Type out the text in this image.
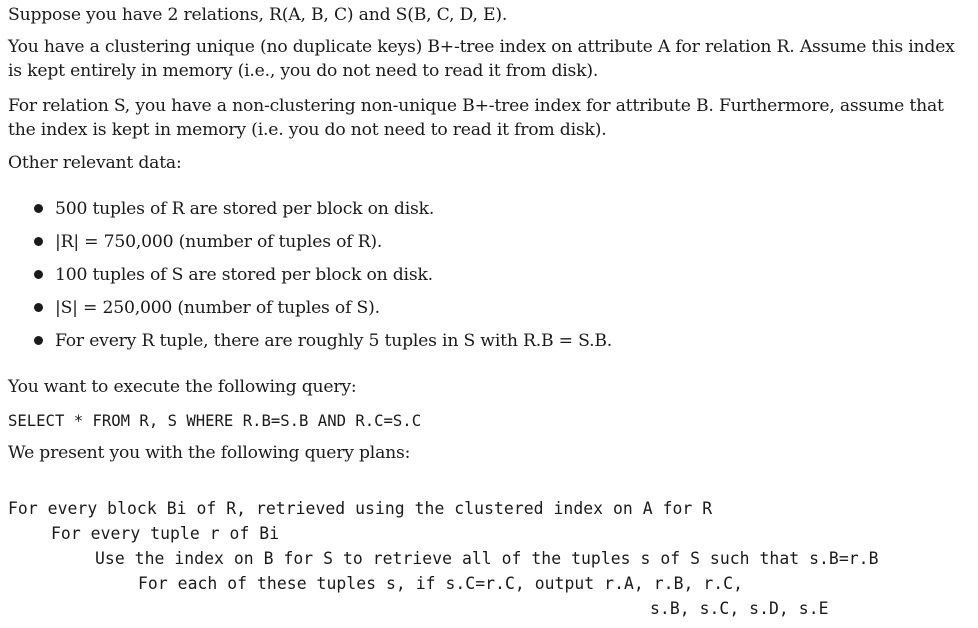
Suppose you have 2 relations, R(A, B, C) and S(B, C, D, E).

You have a clustering unique (no duplicate keys) B+-tree index on attribute A for relation R. Assume this index is kept entirely in memory (i.e., you do not need to read it from disk).

For relation S, you have a non-clustering non-unique B+-tree index for attribute B. Furthermore, assume that the index is kept in memory (i.e. you do not need to read it from disk).

Other relevant data:

500 tuples of R are stored per block on disk.
|R| = 750,000 (number of tuples of R).
100 tuples of S are stored per block on disk.
|S| = 250,000 (number of tuples of S).
For every R tuple, there are roughly 5 tuples in S with R.B = S.B.

You want to execute the following query:

SELECT * FROM R, S WHERE R.B=S.B AND R.C=S.C

We present you with the following query plans:

For every block Bi of R, retrieved using the clustered index on A for R
For every tuple r of Bi
Use the index on B for S to retrieve all of the tuples s of S such that s.B=r.B
For each of these tuples s, if s.C=r.C, output r.A, r.B, r.C,
s.B, s.C, s.D, s.E
